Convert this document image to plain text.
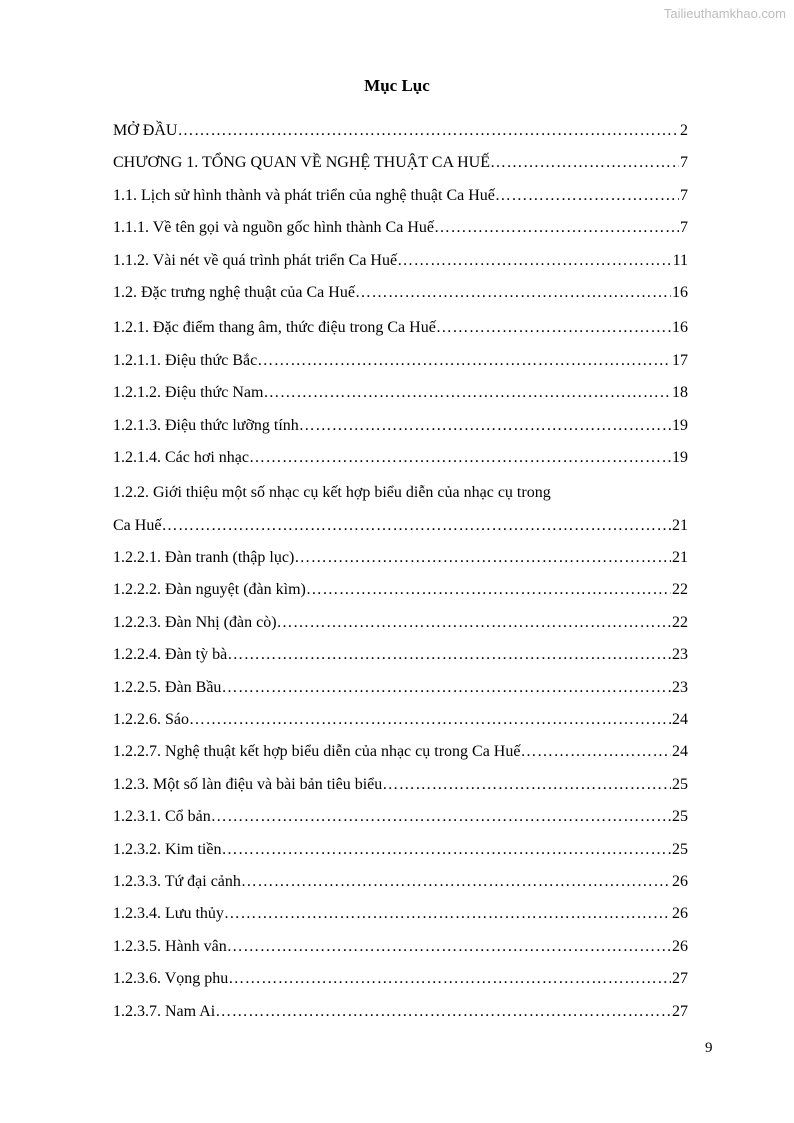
Tailieuthamkhao.com
Mục Lục
MỞ ĐẦU ……………………………………………………………………………………………………………………………………………………………	2
CHƯƠNG 1. TỔNG QUAN VỀ NGHỆ THUẬT CA HUẾ ……………………………………………………………………………………………………………………………………………………………	7
1.1. Lịch sử hình thành và phát triển của nghệ thuật Ca Huế ……………………………………………………………………………………………………………………………………………………………	7
1.1.1. Về tên gọi và nguồn gốc hình thành Ca Huế ……………………………………………………………………………………………………………………………………………………………	7
1.1.2. Vài nét về quá trình phát triển Ca Huế ……………………………………………………………………………………………………………………………………………………………	11
1.2. Đặc trưng nghệ thuật của Ca Huế ……………………………………………………………………………………………………………………………………………………………	16
1.2.1. Đặc điểm thang âm, thức điệu trong Ca Huế ……………………………………………………………………………………………………………………………………………………………	16
1.2.1.1. Điệu thức Bắc ……………………………………………………………………………………………………………………………………………………………	17
1.2.1.2. Điệu thức Nam ……………………………………………………………………………………………………………………………………………………………	18
1.2.1.3. Điệu thức lưỡng tính ……………………………………………………………………………………………………………………………………………………………	19
1.2.1.4. Các hơi nhạc ……………………………………………………………………………………………………………………………………………………………	19
1.2.2. Giới thiệu một số nhạc cụ kết hợp biểu diễn của nhạc cụ trong
Ca Huế ……………………………………………………………………………………………………………………………………………………………	21
1.2.2.1. Đàn tranh (thập lục) ……………………………………………………………………………………………………………………………………………………………	21
1.2.2.2. Đàn nguyệt (đàn kìm) ……………………………………………………………………………………………………………………………………………………………	22
1.2.2.3. Đàn Nhị (đàn cò) ……………………………………………………………………………………………………………………………………………………………	22
1.2.2.4. Đàn tỳ bà ……………………………………………………………………………………………………………………………………………………………	23
1.2.2.5. Đàn Bầu ……………………………………………………………………………………………………………………………………………………………	23
1.2.2.6. Sáo ……………………………………………………………………………………………………………………………………………………………	24
1.2.2.7. Nghệ thuật kết hợp biểu diễn của nhạc cụ trong Ca Huế ……………………………………………………………………………………………………………………………………………………………	24
1.2.3. Một số làn điệu và bài bản tiêu biểu ……………………………………………………………………………………………………………………………………………………………	25
1.2.3.1. Cổ bản ……………………………………………………………………………………………………………………………………………………………	25
1.2.3.2. Kim tiền ……………………………………………………………………………………………………………………………………………………………	25
1.2.3.3. Tứ đại cảnh ……………………………………………………………………………………………………………………………………………………………	26
1.2.3.4. Lưu thủy ……………………………………………………………………………………………………………………………………………………………	26
1.2.3.5. Hành vân ……………………………………………………………………………………………………………………………………………………………	26
1.2.3.6. Vọng phu ……………………………………………………………………………………………………………………………………………………………	27
1.2.3.7. Nam Ai ……………………………………………………………………………………………………………………………………………………………	27
9
